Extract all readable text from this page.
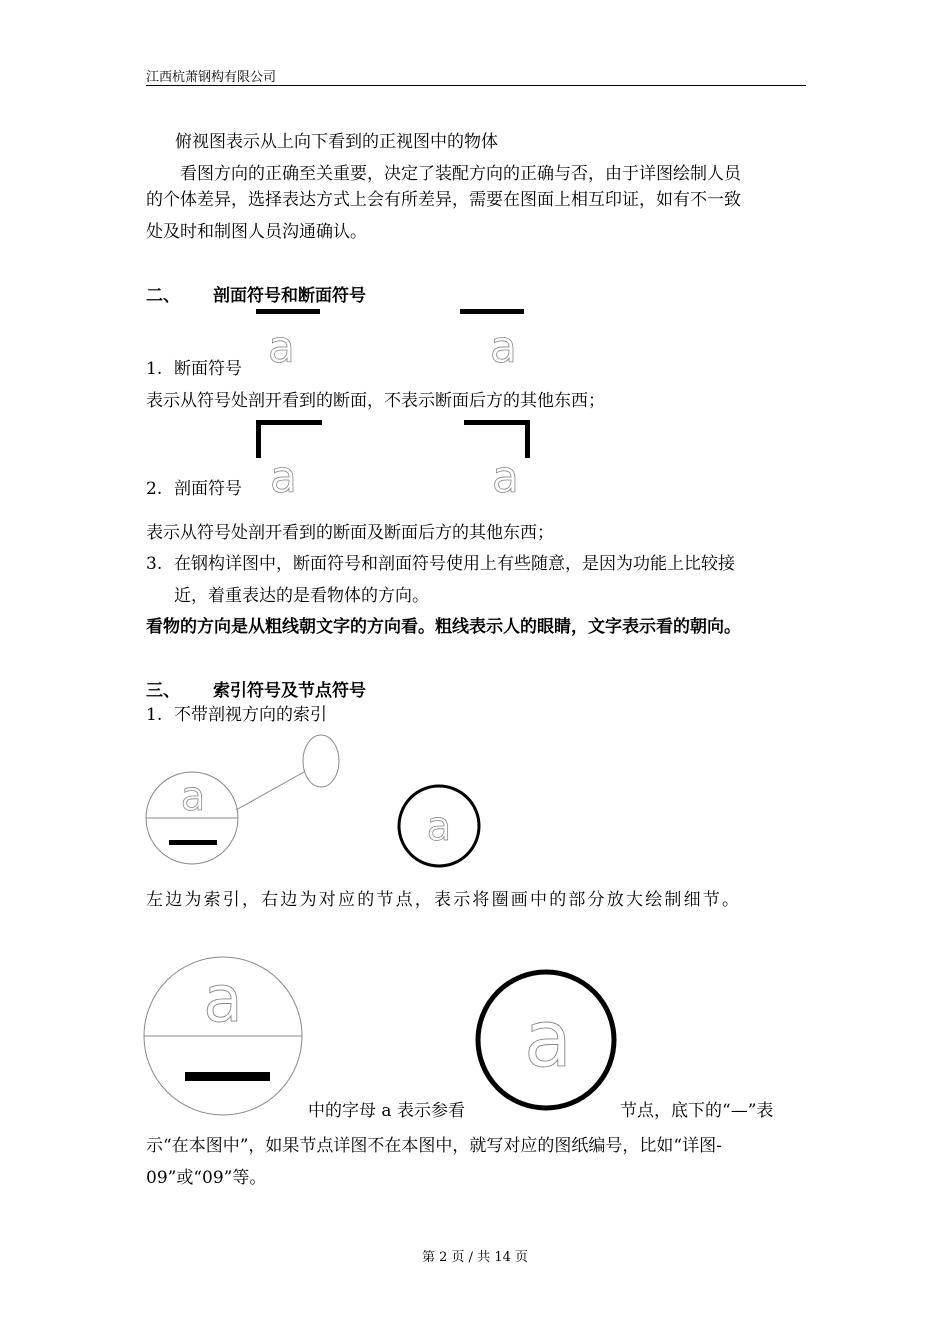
江西杭萧钢构有限公司
俯视图表示从上向下看到的正视图中的物体
看图方向的正确至关重要，决定了装配方向的正确与否，由于详图绘制人员
的个体差异，选择表达方式上会有所差异，需要在图面上相互印证，如有不一致
处及时和制图人员沟通确认。
二、 剖面符号和断面符号
a	a
1. 断面符号
表示从符号处剖开看到的断面，不表示断面后方的其他东西；
a	a
2. 剖面符号
表示从符号处剖开看到的断面及断面后方的其他东西；
3. 在钢构详图中，断面符号和剖面符号使用上有些随意，是因为功能上比较接
近，着重表达的是看物体的方向。
看物的方向是从粗线朝文字的方向看。粗线表示人的眼睛，文字表示看的朝向。
三、 索引符号及节点符号
1. 不带剖视方向的索引
a
a
左边为索引，右边为对应的节点，表示将圈画中的部分放大绘制细节。
a	a
中的字母 a 表示参看	节点，底下的“—”表
示“在本图中”，如果节点详图不在本图中，就写对应的图纸编号，比如“详图-
09”或“09”等。
第 2 页 / 共 14 页
